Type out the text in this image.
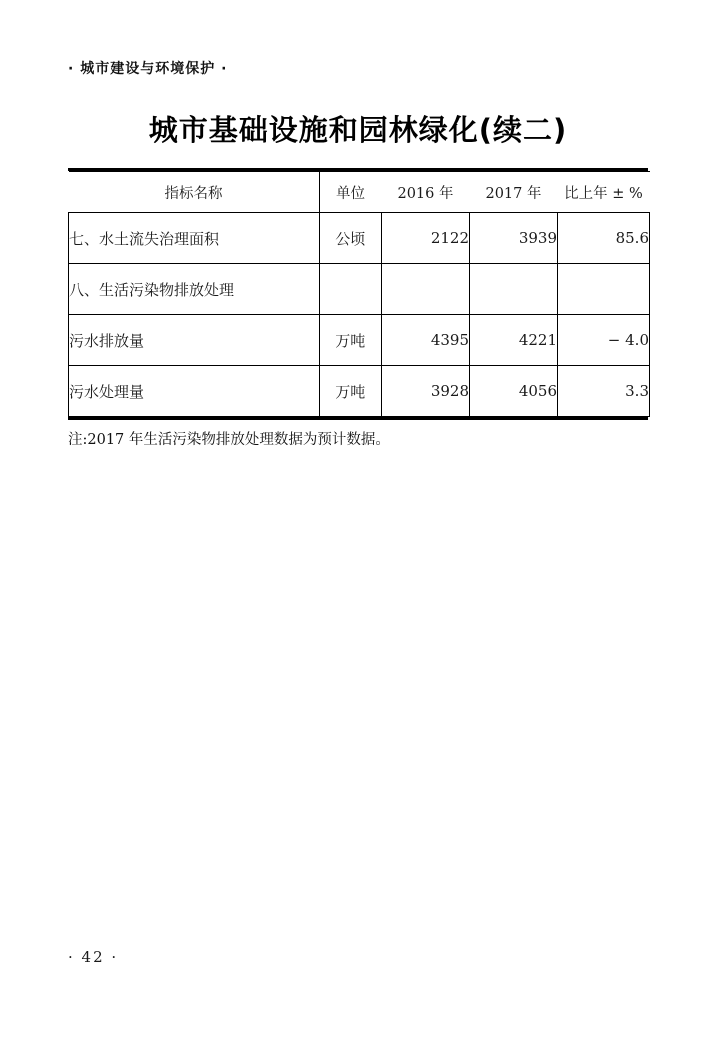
· 城市建设与环境保护 ·
城市基础设施和园林绿化(续二)
指标名称	单位	2016 年	2017 年	比上年 ± %
七、水土流失治理面积	公顷	2122	3939	85.6
八、生活污染物排放处理				
污水排放量	万吨	4395	4221	− 4.0
污水处理量	万吨	3928	4056	3.3
注:2017 年生活污染物排放处理数据为预计数据。
· 42 ·
